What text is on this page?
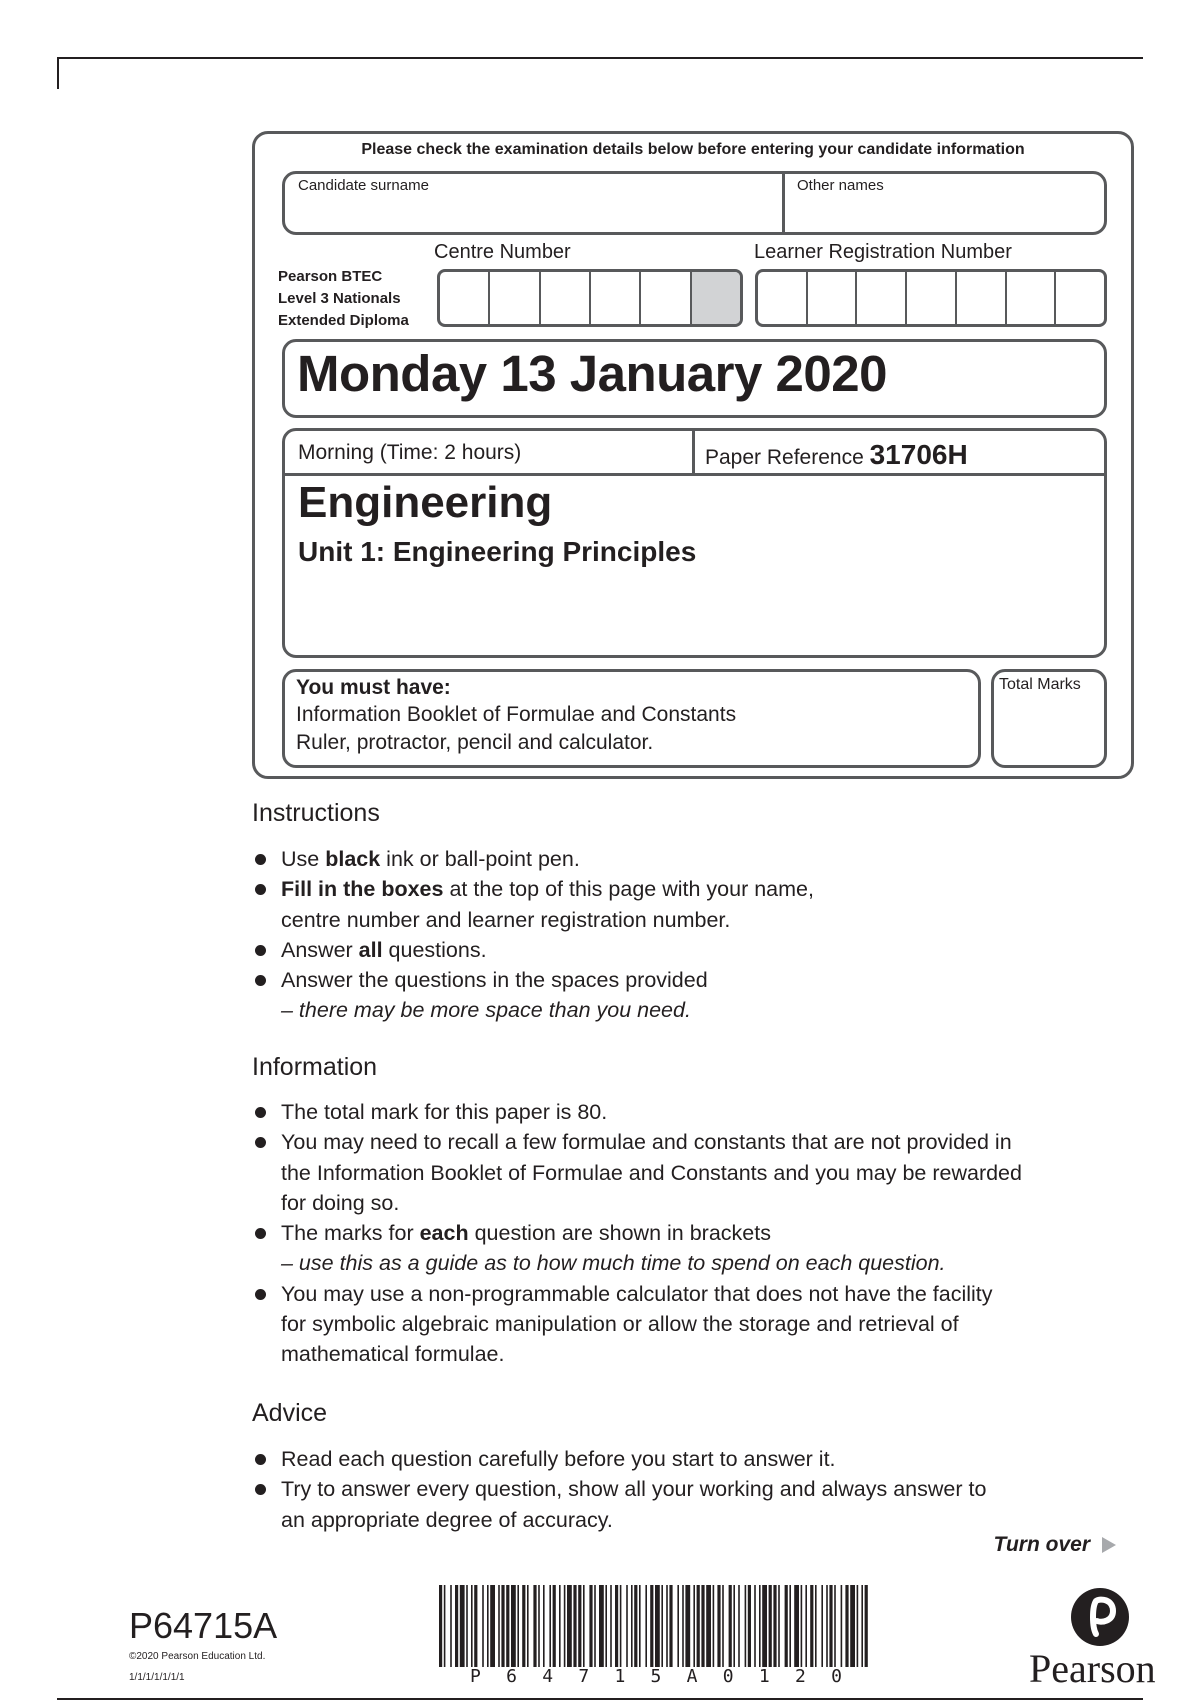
Please check the examination details below before entering your candidate information
Candidate surname	Other names
Pearson BTEC
Level 3 Nationals
Extended Diploma
Centre Number	Learner Registration Number
Monday 13 January 2020
Morning (Time: 2 hours)	Paper Reference 31706H
Engineering
Unit 1: Engineering Principles
You must have:
Information Booklet of Formulae and Constants
Ruler, protractor, pencil and calculator.
Total Marks
Instructions
Use black ink or ball-point pen.
Fill in the boxes at the top of this page with your name,
centre number and learner registration number.
Answer all questions.
Answer the questions in the spaces provided
– there may be more space than you need.
Information
The total mark for this paper is 80.
You may need to recall a few formulae and constants that are not provided in
the Information Booklet of Formulae and Constants and you may be rewarded
for doing so.
The marks for each question are shown in brackets
– use this as a guide as to how much time to spend on each question.
You may use a non-programmable calculator that does not have the facility
for symbolic algebraic manipulation or allow the storage and retrieval of
mathematical formulae.
Advice
Read each question carefully before you start to answer it.
Try to answer every question, show all your working and always answer to
an appropriate degree of accuracy.
Turn over
P64715A
©2020 Pearson Education Ltd.
1/1/1/1/1/1/1	P 6 4 7 1 5 A 0 1 2 0	Pearson
